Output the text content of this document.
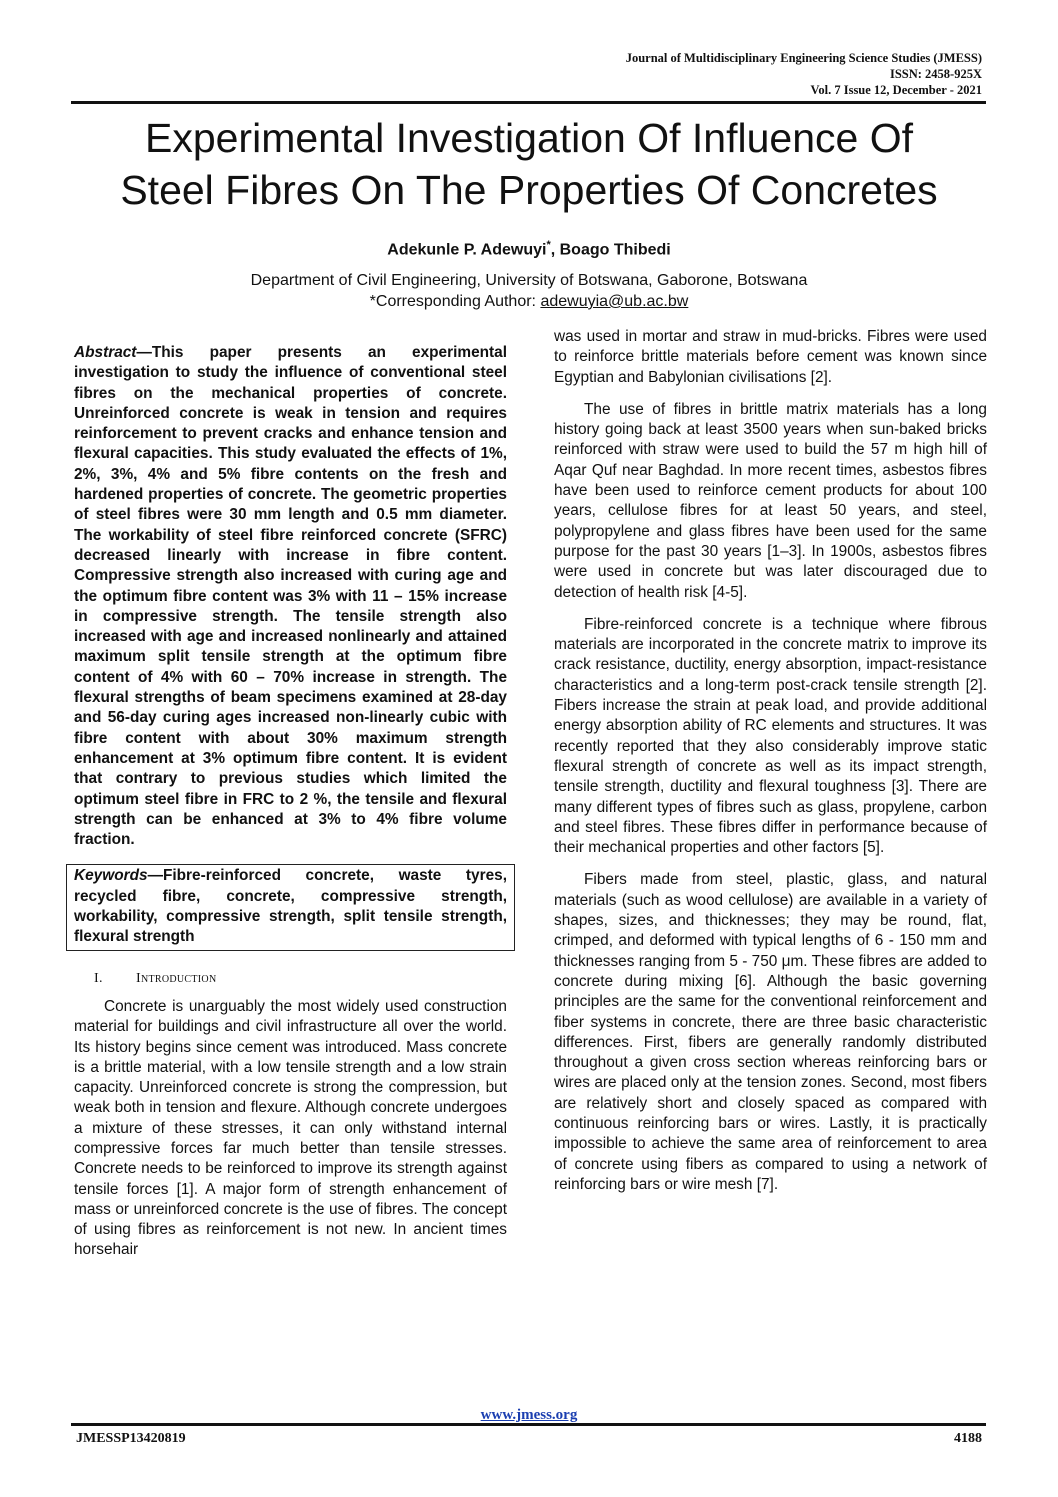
Journal of Multidisciplinary Engineering Science Studies (JMESS)
ISSN: 2458-925X
Vol. 7 Issue 12, December - 2021
Experimental Investigation Of Influence Of
Steel Fibres On The Properties Of Concretes
Adekunle P. Adewuyi*, Boago Thibedi
Department of Civil Engineering, University of Botswana, Gaborone, Botswana
*Corresponding Author: adewuyia@ub.ac.bw

Abstract—This paper presents an experimental investigation to study the influence of conventional steel fibres on the mechanical properties of concrete. Unreinforced concrete is weak in tension and requires reinforcement to prevent cracks and enhance tension and flexural capacities. This study evaluated the effects of 1%, 2%, 3%, 4% and 5% fibre contents on the fresh and hardened properties of concrete. The geometric properties of steel fibres were 30 mm length and 0.5 mm diameter. The workability of steel fibre reinforced concrete (SFRC) decreased linearly with increase in fibre content. Compressive strength also increased with curing age and the optimum fibre content was 3% with 11 – 15% increase in compressive strength. The tensile strength also increased with age and increased nonlinearly and attained maximum split tensile strength at the optimum fibre content of 4% with 60 – 70% increase in strength. The flexural strengths of beam specimens examined at 28-day and 56-day curing ages increased non-linearly cubic with fibre content with about 30% maximum strength enhancement at 3% optimum fibre content. It is evident that contrary to previous studies which limited the optimum steel fibre in FRC to 2 %, the tensile and flexural strength can be enhanced at 3% to 4% fibre volume fraction.

Keywords—Fibre-reinforced concrete, waste tyres, recycled fibre, concrete, compressive strength, workability, compressive strength, split tensile strength, flexural strength
I. Introduction

Concrete is unarguably the most widely used construction material for buildings and civil infrastructure all over the world. Its history begins since cement was introduced. Mass concrete is a brittle material, with a low tensile strength and a low strain capacity. Unreinforced concrete is strong the compression, but weak both in tension and flexure. Although concrete undergoes a mixture of these stresses, it can only withstand internal compressive forces far much better than tensile stresses. Concrete needs to be reinforced to improve its strength against tensile forces [1]. A major form of strength enhancement of mass or unreinforced concrete is the use of fibres. The concept of using fibres as reinforcement is not new. In ancient times horsehair

was used in mortar and straw in mud-bricks. Fibres were used to reinforce brittle materials before cement was known since Egyptian and Babylonian civilisations [2].

The use of fibres in brittle matrix materials has a long history going back at least 3500 years when sun-baked bricks reinforced with straw were used to build the 57 m high hill of Aqar Quf near Baghdad. In more recent times, asbestos fibres have been used to reinforce cement products for about 100 years, cellulose fibres for at least 50 years, and steel, polypropylene and glass fibres have been used for the same purpose for the past 30 years [1–3]. In 1900s, asbestos fibres were used in concrete but was later discouraged due to detection of health risk [4-5].

Fibre-reinforced concrete is a technique where fibrous materials are incorporated in the concrete matrix to improve its crack resistance, ductility, energy absorption, impact-resistance characteristics and a long-term post-crack tensile strength [2]. Fibers increase the strain at peak load, and provide additional energy absorption ability of RC elements and structures. It was recently reported that they also considerably improve static flexural strength of concrete as well as its impact strength, tensile strength, ductility and flexural toughness [3]. There are many different types of fibres such as glass, propylene, carbon and steel fibres. These fibres differ in performance because of their mechanical properties and other factors [5].

Fibers made from steel, plastic, glass, and natural materials (such as wood cellulose) are available in a variety of shapes, sizes, and thicknesses; they may be round, flat, crimped, and deformed with typical lengths of 6 - 150 mm and thicknesses ranging from 5 - 750 μm. These fibres are added to concrete during mixing [6]. Although the basic governing principles are the same for the conventional reinforcement and fiber systems in concrete, there are three basic characteristic differences. First, fibers are generally randomly distributed throughout a given cross section whereas reinforcing bars or wires are placed only at the tension zones. Second, most fibers are relatively short and closely spaced as compared with continuous reinforcing bars or wires. Lastly, it is practically impossible to achieve the same area of reinforcement to area of concrete using fibers as compared to using a network of reinforcing bars or wire mesh [7].

www.jmess.org
JMESSP13420819	4188
